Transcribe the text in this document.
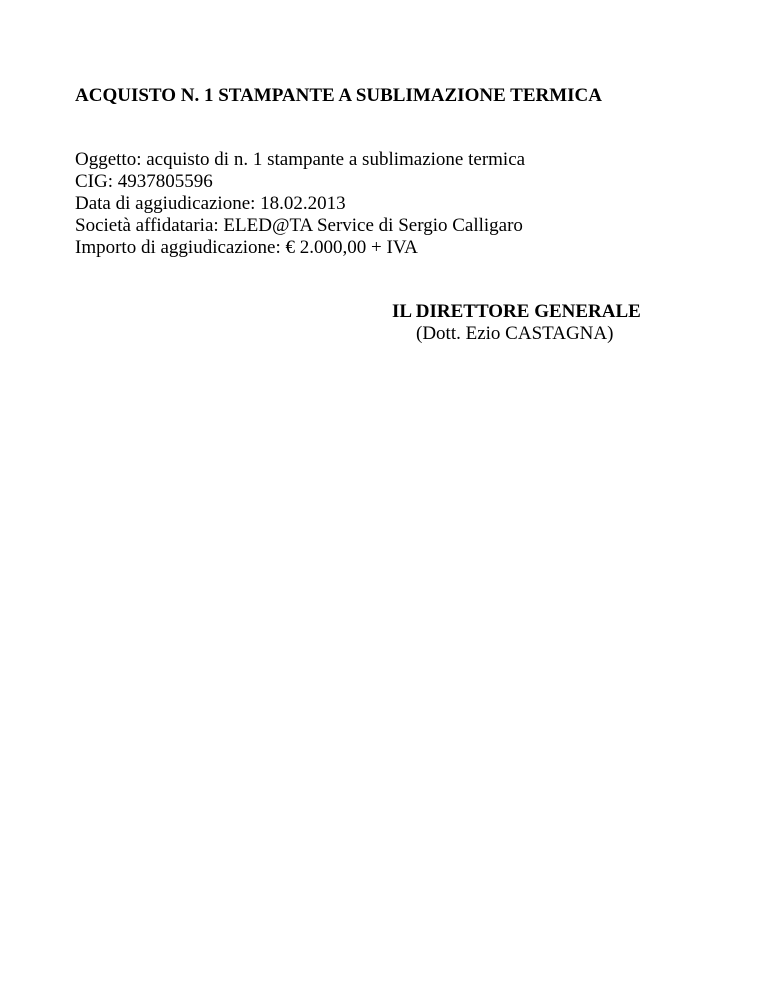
ACQUISTO N. 1 STAMPANTE A SUBLIMAZIONE TERMICA
Oggetto: acquisto di n. 1 stampante a sublimazione termica
CIG: 4937805596
Data di aggiudicazione: 18.02.2013
Società affidataria: ELED@TA Service di Sergio Calligaro
Importo di aggiudicazione: € 2.000,00 + IVA
IL DIRETTORE GENERALE
(Dott. Ezio CASTAGNA)
